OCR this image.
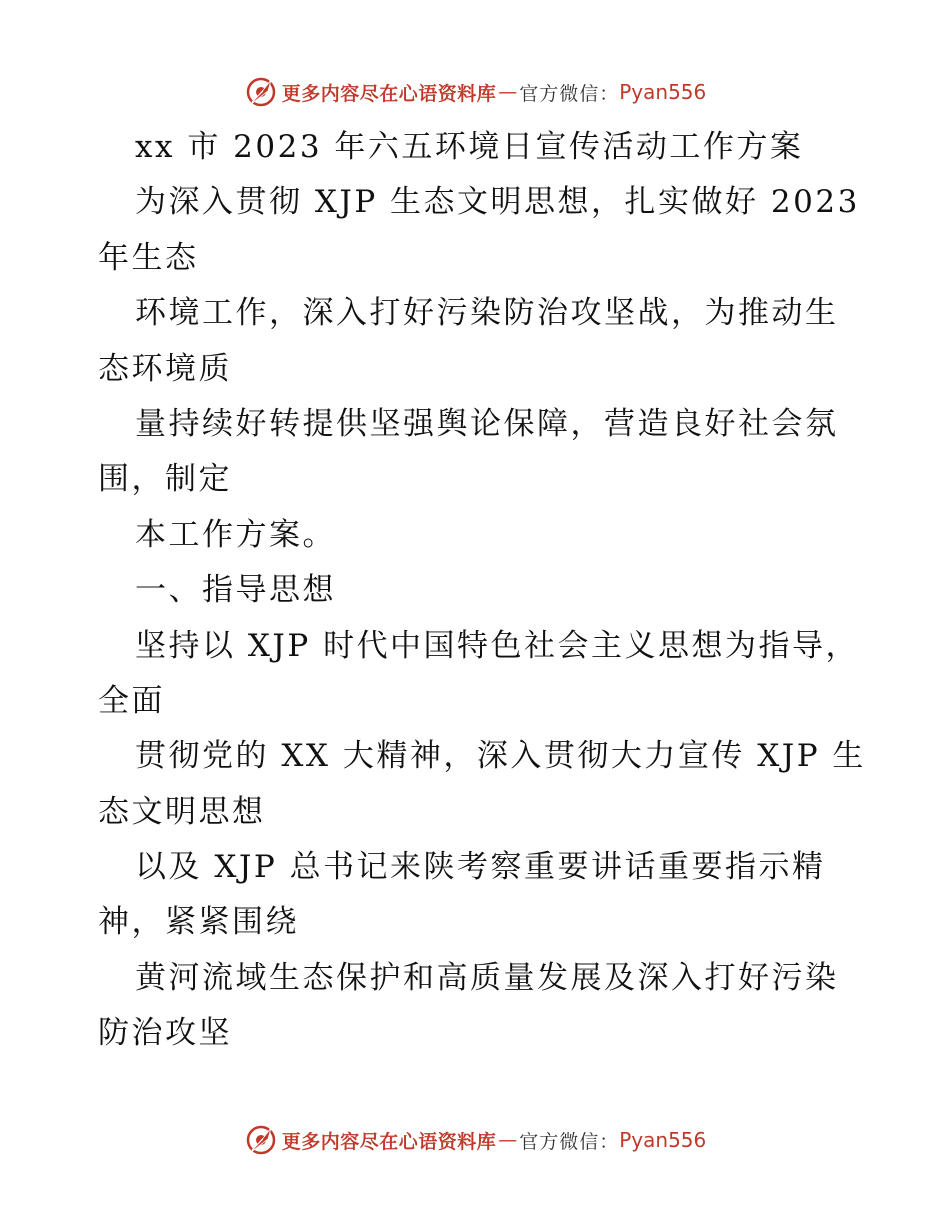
更多内容尽在心语资料库 — 官方微信： Pyan556
xx 市 2023 年六五环境日宣传活动工作方案
为深入贯彻 XJP 生态文明思想，扎实做好 2023
年生态
环境工作，深入打好污染防治攻坚战，为推动生
态环境质
量持续好转提供坚强舆论保障，营造良好社会氛
围，制定
本工作方案。
一、指导思想
坚持以 XJP 时代中国特色社会主义思想为指导，
全面
贯彻党的 XX 大精神，深入贯彻大力宣传 XJP 生
态文明思想
以及 XJP 总书记来陕考察重要讲话重要指示精
神，紧紧围绕
黄河流域生态保护和高质量发展及深入打好污染
防治攻坚
更多内容尽在心语资料库 — 官方微信： Pyan556
